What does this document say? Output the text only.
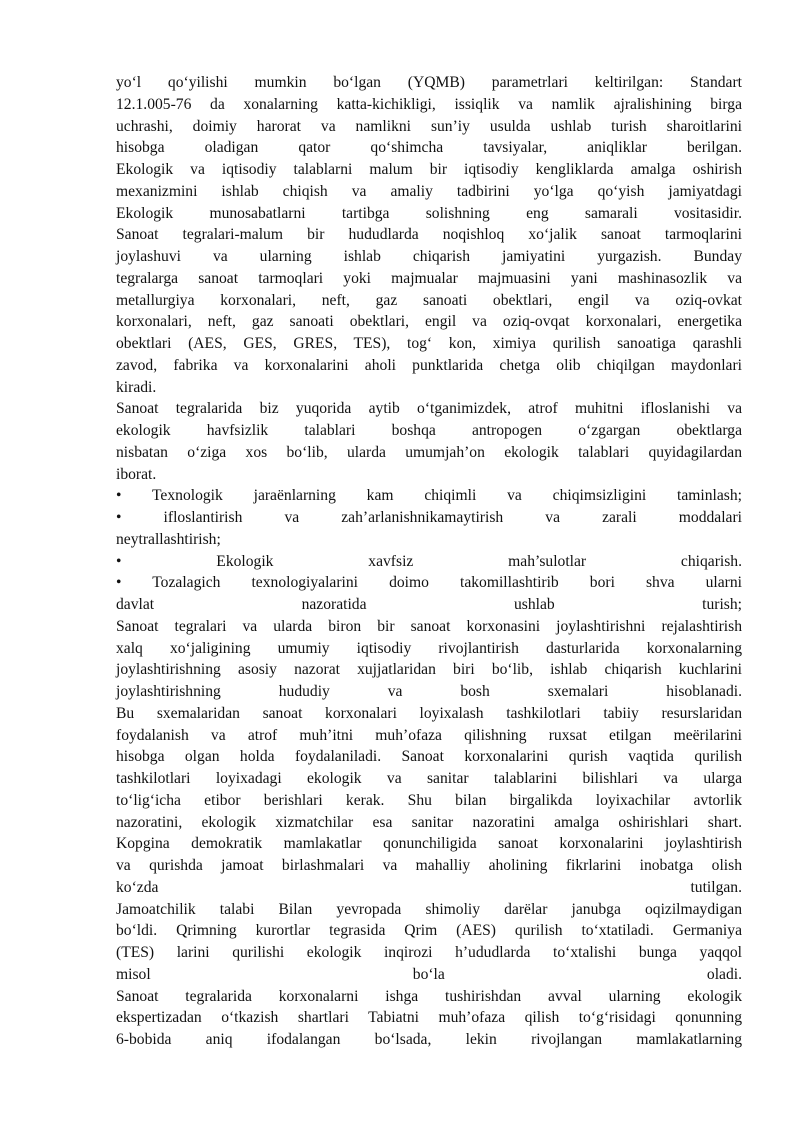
yo‘l qo‘yilishi mumkin bo‘lgan (YQMB) parametrlari keltirilgan: Standart
12.1.005-76 da xonalarning katta-kichikligi, issiqlik va namlik ajralishining birga
uchrashi, doimiy harorat va namlikni sun’iy usulda ushlab turish sharoitlarini
hisobga oladigan qator qo‘shimcha tavsiyalar, aniqliklar berilgan.
Ekologik va iqtisodiy talablarni malum bir iqtisodiy kengliklarda amalga oshirish
mexanizmini ishlab chiqish va amaliy tadbirini yo‘lga qo‘yish jamiyatdagi
Ekologik munosabatlarni tartibga solishning eng samarali vositasidir.
Sanoat tegralari-malum bir hududlarda noqishloq xo‘jalik sanoat tarmoqlarini
joylashuvi va ularning ishlab chiqarish jamiyatini yurgazish. Bunday
tegralarga sanoat tarmoqlari yoki majmualar majmuasini yani mashinasozlik va
metallurgiya korxonalari, neft, gaz sanoati obektlari, engil va oziq-ovkat
korxonalari, neft, gaz sanoati obektlari, engil va oziq-ovqat korxonalari, energetika
obektlari (AES, GES, GRES, TES), tog‘ kon, ximiya qurilish sanoatiga qarashli
zavod, fabrika va korxonalarini aholi punktlarida chetga olib chiqilgan maydonlari
kiradi.
Sanoat tegralarida biz yuqorida aytib o‘tganimizdek, atrof muhitni ifloslanishi va
ekologik havfsizlik talablari boshqa antropogen o‘zgargan obektlarga
nisbatan o‘ziga xos bo‘lib, ularda umumjah’on ekologik talablari quyidagilardan
iborat.
• Texnologik jaraёnlarning kam chiqimli va chiqimsizligini taminlash;
• ifloslantirish va zah’arlanishnikamaytirish va zarali moddalari
neytrallashtirish;
• Ekologik xavfsiz mah’sulotlar chiqarish.
• Tozalagich texnologiyalarini doimo takomillashtirib bori shva ularni
davlat nazoratida ushlab turish;
Sanoat tegralari va ularda biron bir sanoat korxonasini joylashtirishni rejalashtirish
xalq xo‘jaligining umumiy iqtisodiy rivojlantirish dasturlarida korxonalarning
joylashtirishning asosiy nazorat xujjatlaridan biri bo‘lib, ishlab chiqarish kuchlarini
joylashtirishning hududiy va bosh sxemalari hisoblanadi.
Bu sxemalaridan sanoat korxonalari loyixalash tashkilotlari tabiiy resurslaridan
foydalanish va atrof muh’itni muh’ofaza qilishning ruxsat etilgan meёrilarini
hisobga olgan holda foydalaniladi. Sanoat korxonalarini qurish vaqtida qurilish
tashkilotlari loyixadagi ekologik va sanitar talablarini bilishlari va ularga
to‘lig‘icha etibor berishlari kerak. Shu bilan birgalikda loyixachilar avtorlik
nazoratini, ekologik xizmatchilar esa sanitar nazoratini amalga oshirishlari shart.
Kopgina demokratik mamlakatlar qonunchiligida sanoat korxonalarini joylashtirish
va qurishda jamoat birlashmalari va mahalliy aholining fikrlarini inobatga olish
ko‘zda tutilgan.
Jamoatchilik talabi Bilan yevropada shimoliy darёlar janubga oqizilmaydigan
bo‘ldi. Qrimning kurortlar tegrasida Qrim (AES) qurilish to‘xtatiladi. Germaniya
(TES) larini qurilishi ekologik inqirozi h’ududlarda to‘xtalishi bunga yaqqol
misol bo‘la oladi.
Sanoat tegralarida korxonalarni ishga tushirishdan avval ularning ekologik
ekspertizadan o‘tkazish shartlari Tabiatni muh’ofaza qilish to‘g‘risidagi qonunning
6-bobida aniq ifodalangan bo‘lsada, lekin rivojlangan mamlakatlarning
